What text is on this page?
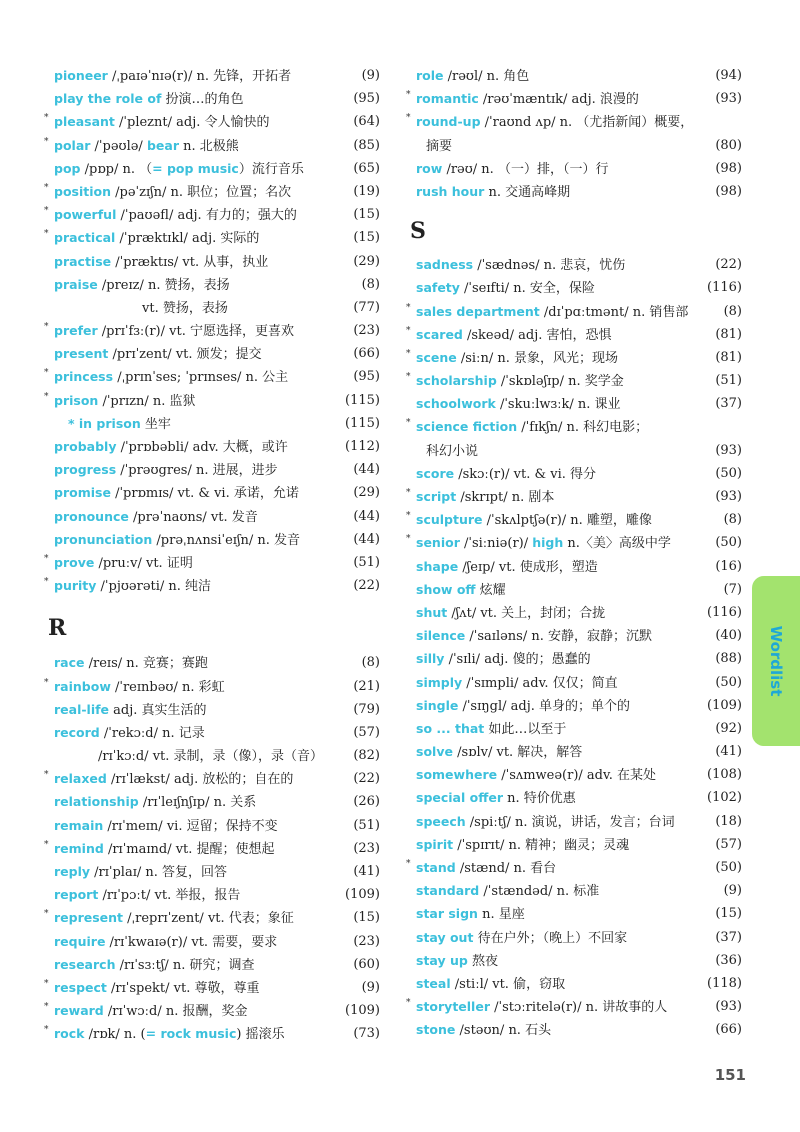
pioneer /ˌpaɪəˈnɪə(r)/ n. 先锋，开拓者	(9)
play the role of 扮演…的角色	(95)
* pleasant /ˈpleznt/ adj. 令人愉快的	(64)
* polar /ˈpəʊlə/ bear n. 北极熊	(85)
pop /pɒp/ n. （= pop music）流行音乐	(65)
* position /pəˈzɪʃn/ n. 职位；位置；名次	(19)
* powerful /ˈpaʊəfl/ adj. 有力的；强大的	(15)
* practical /ˈpræktɪkl/ adj. 实际的	(15)
practise /ˈpræktɪs/ vt. 从事，执业	(29)
praise /preɪz/ n. 赞扬，表扬	(8)
vt. 赞扬，表扬	(77)
* prefer /prɪˈfɜː(r)/ vt. 宁愿选择，更喜欢	(23)
present /prɪˈzent/ vt. 颁发；提交	(66)
* princess /ˌprɪnˈses; ˈprɪnses/ n. 公主	(95)
* prison /ˈprɪzn/ n. 监狱	(115)
* in prison 坐牢	(115)
probably /ˈprɒbəbli/ adv. 大概，或许	(112)
progress /ˈprəʊgres/ n. 进展，进步	(44)
promise /ˈprɒmɪs/ vt. & vi. 承诺，允诺	(29)
pronounce /prəˈnaʊns/ vt. 发音	(44)
pronunciation /prəˌnʌnsiˈeɪʃn/ n. 发音	(44)
* prove /pruːv/ vt. 证明	(51)
* purity /ˈpjʊərəti/ n. 纯洁	(22)
R
race /reɪs/ n. 竞赛；赛跑	(8)
* rainbow /ˈreɪnbəʊ/ n. 彩虹	(21)
real-life adj. 真实生活的	(79)
record /ˈrekɔːd/ n. 记录	(57)
/rɪˈkɔːd/ vt. 录制，录（像），录（音） (82)
* relaxed /rɪˈlækst/ adj. 放松的；自在的	(22)
relationship /rɪˈleɪʃnʃɪp/ n. 关系	(26)
remain /rɪˈmeɪn/ vi. 逗留；保持不变	(51)
* remind /rɪˈmaɪnd/ vt. 提醒；使想起	(23)
reply /rɪˈplaɪ/ n. 答复，回答	(41)
report /rɪˈpɔːt/ vt. 举报，报告	(109)
* represent /ˌreprɪˈzent/ vt. 代表；象征	(15)
require /rɪˈkwaɪə(r)/ vt. 需要，要求	(23)
research /rɪˈsɜːtʃ/ n. 研究；调查	(60)
* respect /rɪˈspekt/ vt. 尊敬，尊重	(9)
* reward /rɪˈwɔːd/ n. 报酬，奖金	(109)
* rock /rɒk/ n. (= rock music) 摇滚乐	(73)
role /rəʊl/ n. 角色	(94)
* romantic /rəʊˈmæntɪk/ adj. 浪漫的	(93)
* round-up /ˈraʊnd ʌp/ n. （尤指新闻）概要，
摘要	(80)
row /rəʊ/ n. （一）排，（一）行	(98)
rush hour n. 交通高峰期	(98)
S
sadness /ˈsædnəs/ n. 悲哀，忧伤	(22)
safety /ˈseɪfti/ n. 安全，保险	(116)
* sales department /dɪˈpɑːtmənt/ n. 销售部	(8)
* scared /skeəd/ adj. 害怕，恐惧	(81)
* scene /siːn/ n. 景象，风光；现场	(81)
* scholarship /ˈskɒləʃɪp/ n. 奖学金	(51)
schoolwork /ˈskuːlwɜːk/ n. 课业	(37)
* science fiction /ˈfɪkʃn/ n. 科幻电影；
科幻小说	(93)
score /skɔː(r)/ vt. & vi. 得分	(50)
* script /skrɪpt/ n. 剧本	(93)
* sculpture /ˈskʌlptʃə(r)/ n. 雕塑，雕像	(8)
* senior /ˈsiːniə(r)/ high n.〈美〉高级中学	(50)
shape /ʃeɪp/ vt. 使成形，塑造	(16)
show off 炫耀	(7)
shut /ʃʌt/ vt. 关上，封闭；合拢	(116)
silence /ˈsaɪləns/ n. 安静，寂静；沉默	(40)
silly /ˈsɪli/ adj. 傻的；愚蠢的	(88)
simply /ˈsɪmpli/ adv. 仅仅；简直	(50)
single /ˈsɪŋgl/ adj. 单身的；单个的	(109)
so ... that 如此…以至于	(92)
solve /sɒlv/ vt. 解决，解答	(41)
somewhere /ˈsʌmweə(r)/ adv. 在某处	(108)
special offer n. 特价优惠	(102)
speech /spiːtʃ/ n. 演说，讲话，发言；台词	(18)
spirit /ˈspɪrɪt/ n. 精神；幽灵；灵魂	(57)
* stand /stænd/ n. 看台	(50)
standard /ˈstændəd/ n. 标准	(9)
star sign n. 星座	(15)
stay out 待在户外；（晚上）不回家	(37)
stay up 熬夜	(36)
steal /stiːl/ vt. 偷，窃取	(118)
* storyteller /ˈstɔːritelə(r)/ n. 讲故事的人	(93)
stone /stəʊn/ n. 石头	(66)
Wordlist
151
